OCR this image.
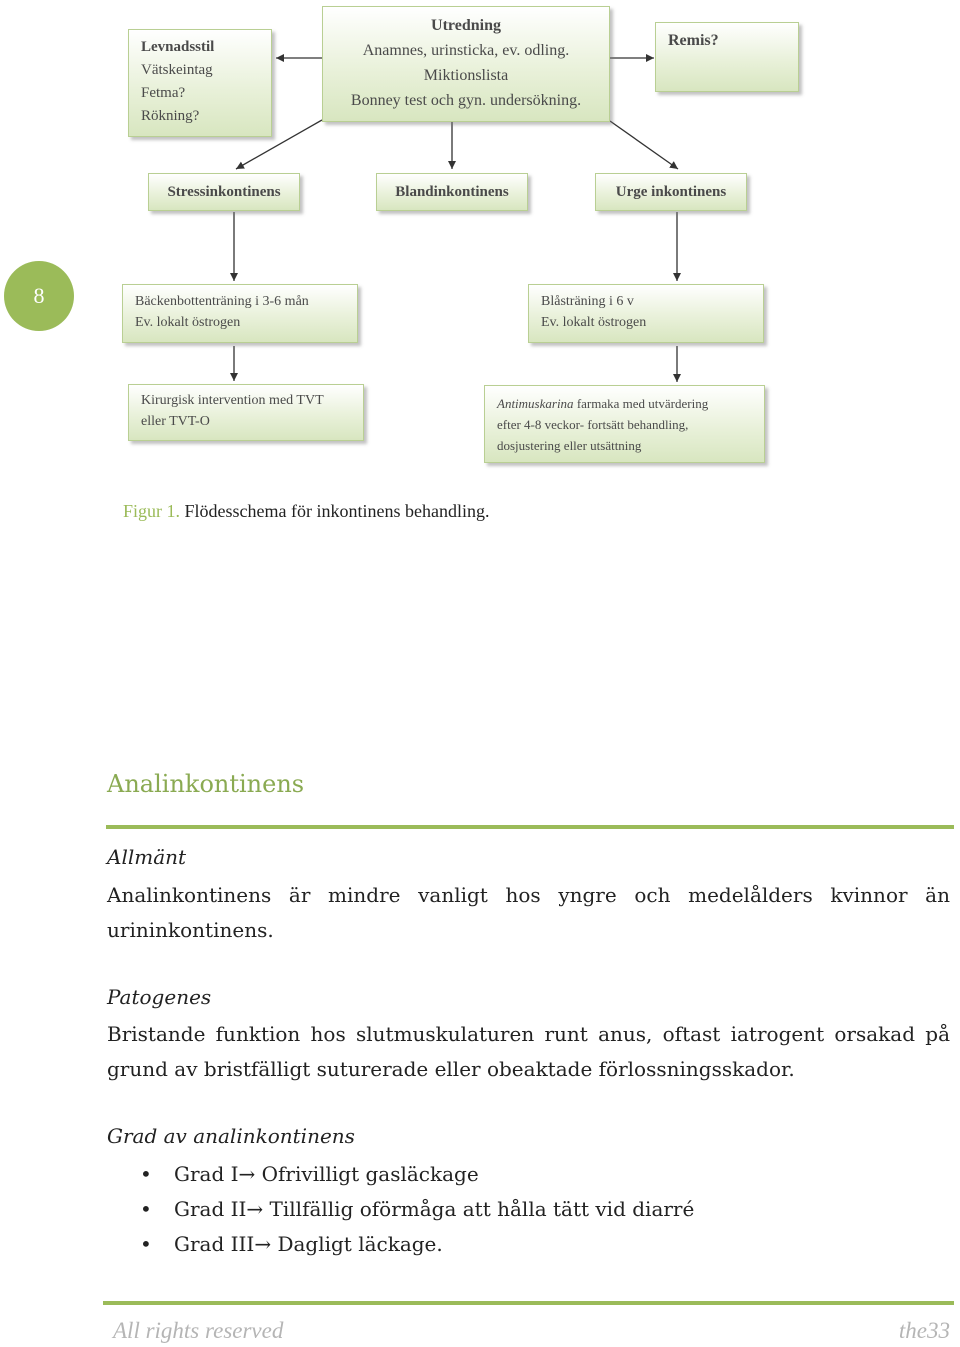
8
Levnadsstil
Vätskeintag
Fetma?
Rökning?
Utredning
Anamnes, urinsticka, ev. odling.
Miktionslista
Bonney test och gyn. undersökning.
Remis?
Stressinkontinens	Blandinkontinens	Urge inkontinens
Bäckenbottenträning i 3-6 mån
Ev. lokalt östrogen
Blåsträning i 6 v
Ev. lokalt östrogen
Kirurgisk intervention med TVT
eller TVT-O
Antimuskarina farmaka med utvärdering
efter 4-8 veckor- fortsätt behandling,
dosjustering eller utsättning
Figur 1. Flödesschema för inkontinens behandling.
Analinkontinens
Allmänt
Analinkontinens är mindre vanligt hos yngre och medelålders kvinnor än
urininkontinens.
Patogenes
Bristande funktion hos slutmuskulaturen runt anus, oftast iatrogent orsakad på
grund av bristfälligt suturerade eller obeaktade förlossningsskador.
Grad av analinkontinens
• Grad I→ Ofrivilligt gasläckage
• Grad II→ Tillfällig oförmåga att hålla tätt vid diarré
• Grad III→ Dagligt läckage.
All rights reserved	the33
